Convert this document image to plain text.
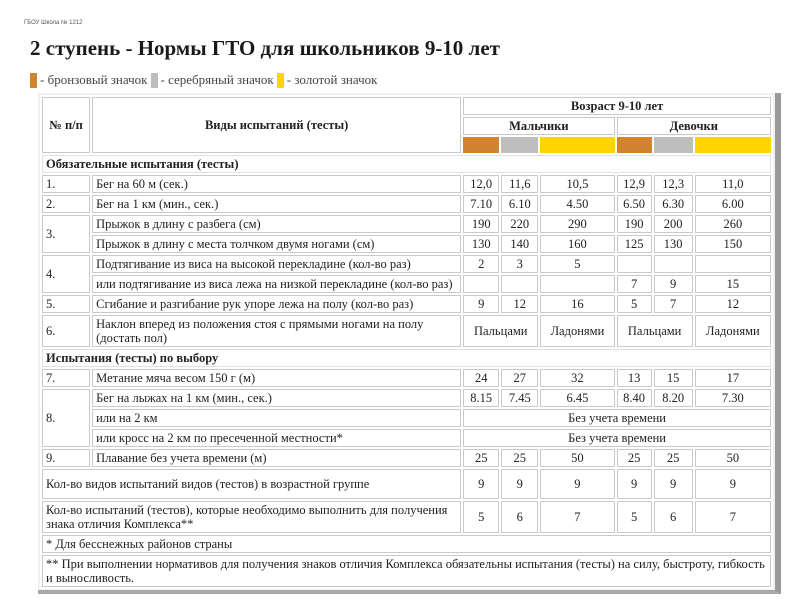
ГБОУ Школа № 1212
2 ступень - Нормы ГТО для школьников 9-10 лет
- бронзовый значок - серебряный значок - золотой значок
№ п/п	Виды испытаний (тесты)	Возраст 9-10 лет					
		Мальчики			Девочки		

Обязательные испытания (тесты)							
1.	Бег на 60 м (сек.)	12,0	11,6	10,5	12,9	12,3	11,0
2.	Бег на 1 км (мин., сек.)	7.10	6.10	4.50	6.50	6.30	6.00
3.	Прыжок в длину с разбега (см)	190	220	290	190	200	260
	Прыжок в длину с места толчком двумя ногами (см)	130	140	160	125	130	150
4.	Подтягивание из виса на высокой перекладине (кол-во раз)	2	3	5			
	или подтягивание из виса лежа на низкой перекладине (кол-во раз)				7	9	15
5.	Сгибание и разгибание рук упоре лежа на полу (кол-во раз)	9	12	16	5	7	12
6.	Наклон вперед из положения стоя с прямыми ногами на полу (достать пол)	Пальцами		Ладонями	Пальцами		Ладонями
Испытания (тесты) по выбору							
7.	Метание мяча весом 150 г (м)	24	27	32	13	15	17
8.	Бег на лыжах на 1 км (мин., сек.)	8.15	7.45	6.45	8.40	8.20	7.30
	или на 2 км	Без учета времени					
	или кросс на 2 км по пресеченной местности*	Без учета времени					
9.	Плавание без учета времени (м)	25	25	50	25	25	50
Кол-во видов испытаний видов (тестов) в возрастной группе		9	9	9	9	9	9
Кол-во испытаний (тестов), которые необходимо выполнить для получения знака отличия Комплекса**		5	6	7	5	6	7
* Для бесснежных районов страны							
** При выполнении нормативов для получения знаков отличия Комплекса обязательны испытания (тесты) на силу, быстроту, гибкость и выносливость.							
